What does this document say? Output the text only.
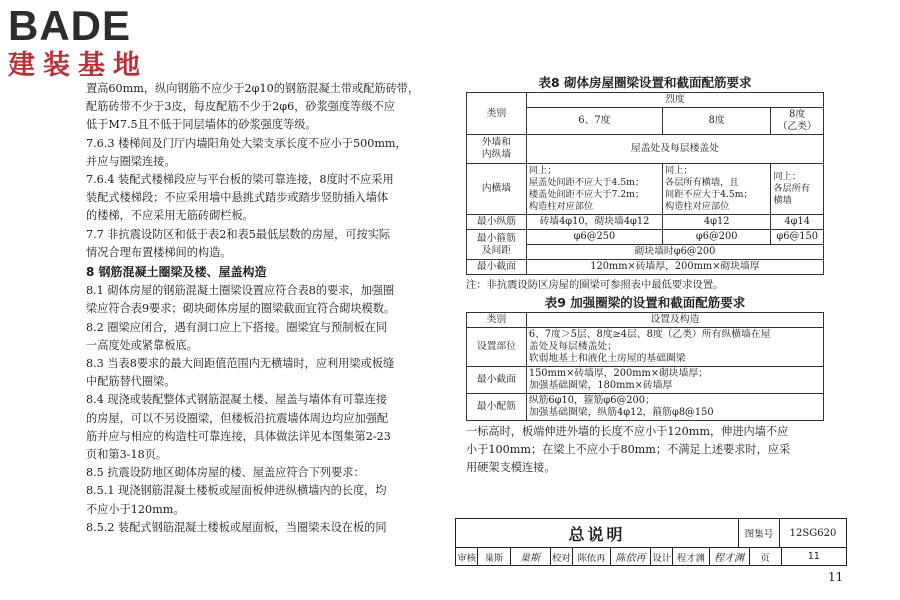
BADE
建装基地

置高60mm，纵向钢筋不应少于2φ10的钢筋混凝土带或配筋砖带，

配筋砖带不少于3皮，每皮配筋不少于2φ6，砂浆强度等级不应

低于M7.5且不低于同层墙体的砂浆强度等级。

7.6.3 楼梯间及门厅内墙阳角处大梁支承长度不应小于500mm，

并应与圈梁连接。

7.6.4 装配式楼梯段应与平台板的梁可靠连接，8度时不应采用

装配式楼梯段；不应采用墙中悬挑式踏步或踏步竖肋插入墙体

的楼梯，不应采用无筋砖砌栏板。

7.7 非抗震设防区和低于表2和表5最低层数的房屋，可按实际

情况合理布置楼梯间的构造。

8 钢筋混凝土圈梁及楼、屋盖构造

8.1 砌体房屋的钢筋混凝土圈梁设置应符合表8的要求，加强圈

梁应符合表9要求；砌块砌体房屋的圈梁截面宜符合砌块模数。

8.2 圈梁应闭合，遇有洞口应上下搭接。圈梁宜与预制板在同

一高度处或紧靠板底。

8.3 当表8要求的最大间距值范围内无横墙时，应利用梁或板缝

中配筋替代圈梁。

8.4 现浇或装配整体式钢筋混凝土楼、屋盖与墙体有可靠连接

的房屋，可以不另设圈梁，但楼板沿抗震墙体周边均应加强配

筋并应与相应的构造柱可靠连接，具体做法详见本图集第2-23

页和第3-18页。

8.5 抗震设防地区砌体房屋的楼、屋盖应符合下列要求：

8.5.1 现浇钢筋混凝土楼板或屋面板伸进纵横墙内的长度，均

不应小于120mm。

8.5.2 装配式钢筋混凝土楼板或屋面板，当圈梁未设在板的同

表8 砌体房屋圈梁设置和截面配筋要求

类别	烈度		
	6、7度	8度	8度
（乙类）
外墙和
内纵墙	屋盖处及每层楼盖处		
内横墙	同上；
屋盖处间距不应大于4.5m；
楼盖处间距不应大于7.2m；
构造柱对应部位	同上；
各层所有横墙，且
间距不应大于4.5m；
构造柱对应部位	同上；
各层所有
横墙
最小纵筋	砖墙4φ10，砌块墙4φ12	4φ12	4φ14
最小箍筋
及间距	φ6@250	φ6@200	φ6@150
	砌块墙时φ6@200		
最小截面	120mm×砖墙厚，200mm×砌块墙厚		

注：非抗震设防区房屋的圈梁可参照表中最低要求设置。

表9 加强圈梁的设置和截面配筋要求

类别	设置及构造
设置部位	6、7度＞5层、8度≥4层、8度（乙类）所有纵横墙在屋
盖处及每层楼盖处；
软弱地基土和液化土房屋的基础圈梁
最小截面	150mm×砖墙厚，200mm×砌块墙厚；
加强基础圈梁，180mm×砖墙厚
最小配筋	纵筋6φ10，箍筋φ6@200；
加强基础圈梁，纵筋4φ12，箍筋φ8@150

一标高时，板端伸进外墙的长度不应小于120mm，伸进内墙不应

小于100mm；在梁上不应小于80mm；不满足上述要求时，应采

用硬架支模连接。

总说明	图集号	12SG620
审核 巢斯	巢斯	校对 陈依再	陈依再 设计 程才渊 程才渊	页	11
11
